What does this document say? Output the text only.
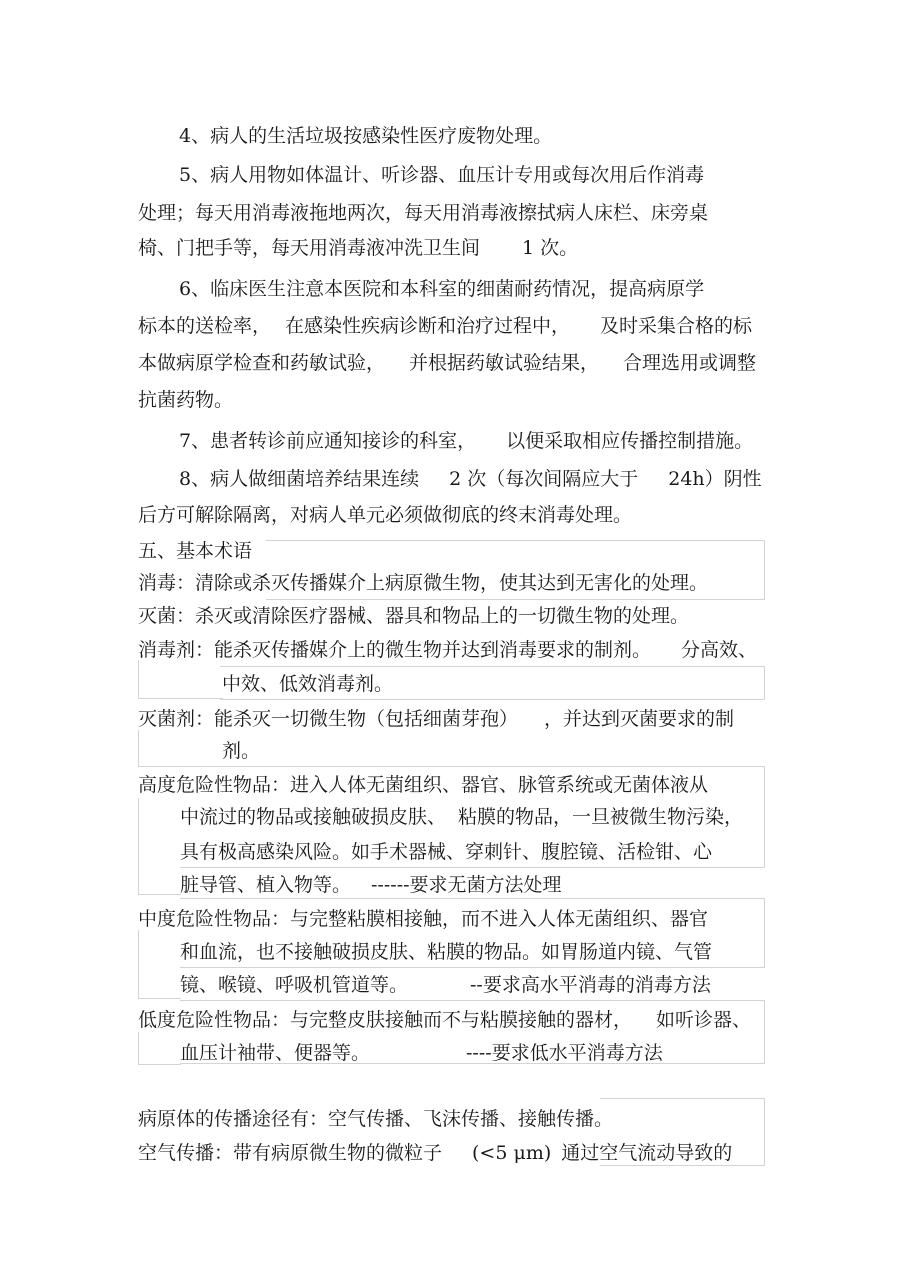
4、病人的生活垃圾按感染性医疗废物处理。
5、病人用物如体温计、听诊器、血压计专用或每次用后作消毒
处理；每天用消毒液拖地两次，每天用消毒液擦拭病人床栏、床旁桌
椅、门把手等，每天用消毒液冲洗卫生间 1 次。
6、临床医生注意本医院和本科室的细菌耐药情况，提高病原学
标本的送检率， 在感染性疾病诊断和治疗过程中， 及时采集合格的标
本做病原学检查和药敏试验， 并根据药敏试验结果， 合理选用或调整
抗菌药物。
7、患者转诊前应通知接诊的科室， 以便采取相应传播控制措施。
8、病人做细菌培养结果连续 2 次（每次间隔应大于 24h）阴性
后方可解除隔离，对病人单元必须做彻底的终末消毒处理。
五、基本术语
消毒：清除或杀灭传播媒介上病原微生物，使其达到无害化的处理。
灭菌：杀灭或清除医疗器械、器具和物品上的一切微生物的处理。
消毒剂：能杀灭传播媒介上的微生物并达到消毒要求的制剂。 分高效、
中效、低效消毒剂。
灭菌剂：能杀灭一切微生物（包括细菌芽孢） ，并达到灭菌要求的制
剂。
高度危险性物品：进入人体无菌组织、器官、脉管系统或无菌体液从
中流过的物品或接触破损皮肤、 粘膜的物品，一旦被微生物污染，
具有极高感染风险。如手术器械、穿刺针、腹腔镜、活检钳、心
脏导管、植入物等。 ------要求无菌方法处理
中度危险性物品：与完整粘膜相接触，而不进入人体无菌组织、器官
和血流，也不接触破损皮肤、粘膜的物品。如胃肠道内镜、气管
镜、喉镜、呼吸机管道等。	--要求高水平消毒的消毒方法
低度危险性物品：与完整皮肤接触而不与粘膜接触的器材， 如听诊器、
血压计袖带、便器等。	----要求低水平消毒方法
病原体的传播途径有：空气传播、飞沫传播、接触传播。
空气传播：带有病原微生物的微粒子 (<5 μm) 通过空气流动导致的
